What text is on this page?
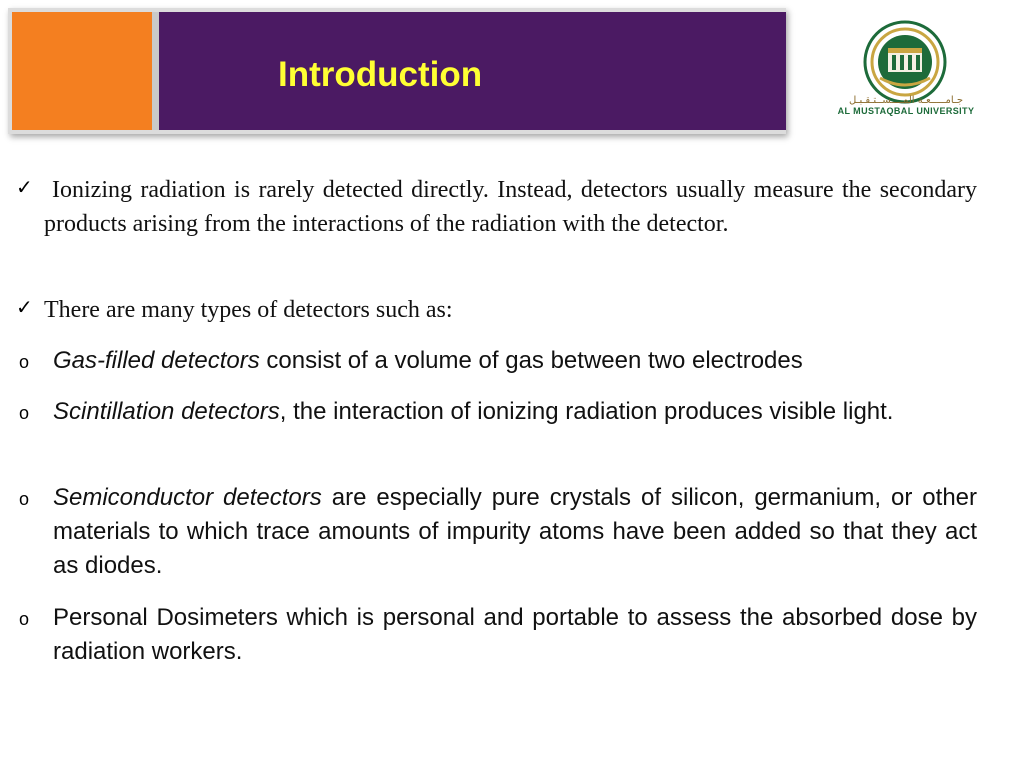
Introduction
جـامـــــعـة المــــســتـقـبـل
AL MUSTAQBAL UNIVERSITY
✓ Ionizing radiation is rarely detected directly. Instead, detectors usually measure the secondary products arising from the interactions of the radiation with the detector.
✓ There are many types of detectors such as:
o Gas-filled detectors consist of a volume of gas between two electrodes
o Scintillation detectors, the interaction of ionizing radiation produces visible light.
o Semiconductor detectors are especially pure crystals of silicon, germanium, or other materials to which trace amounts of impurity atoms have been added so that they act as diodes.
o Personal Dosimeters which is personal and portable to assess the absorbed dose by radiation workers.
